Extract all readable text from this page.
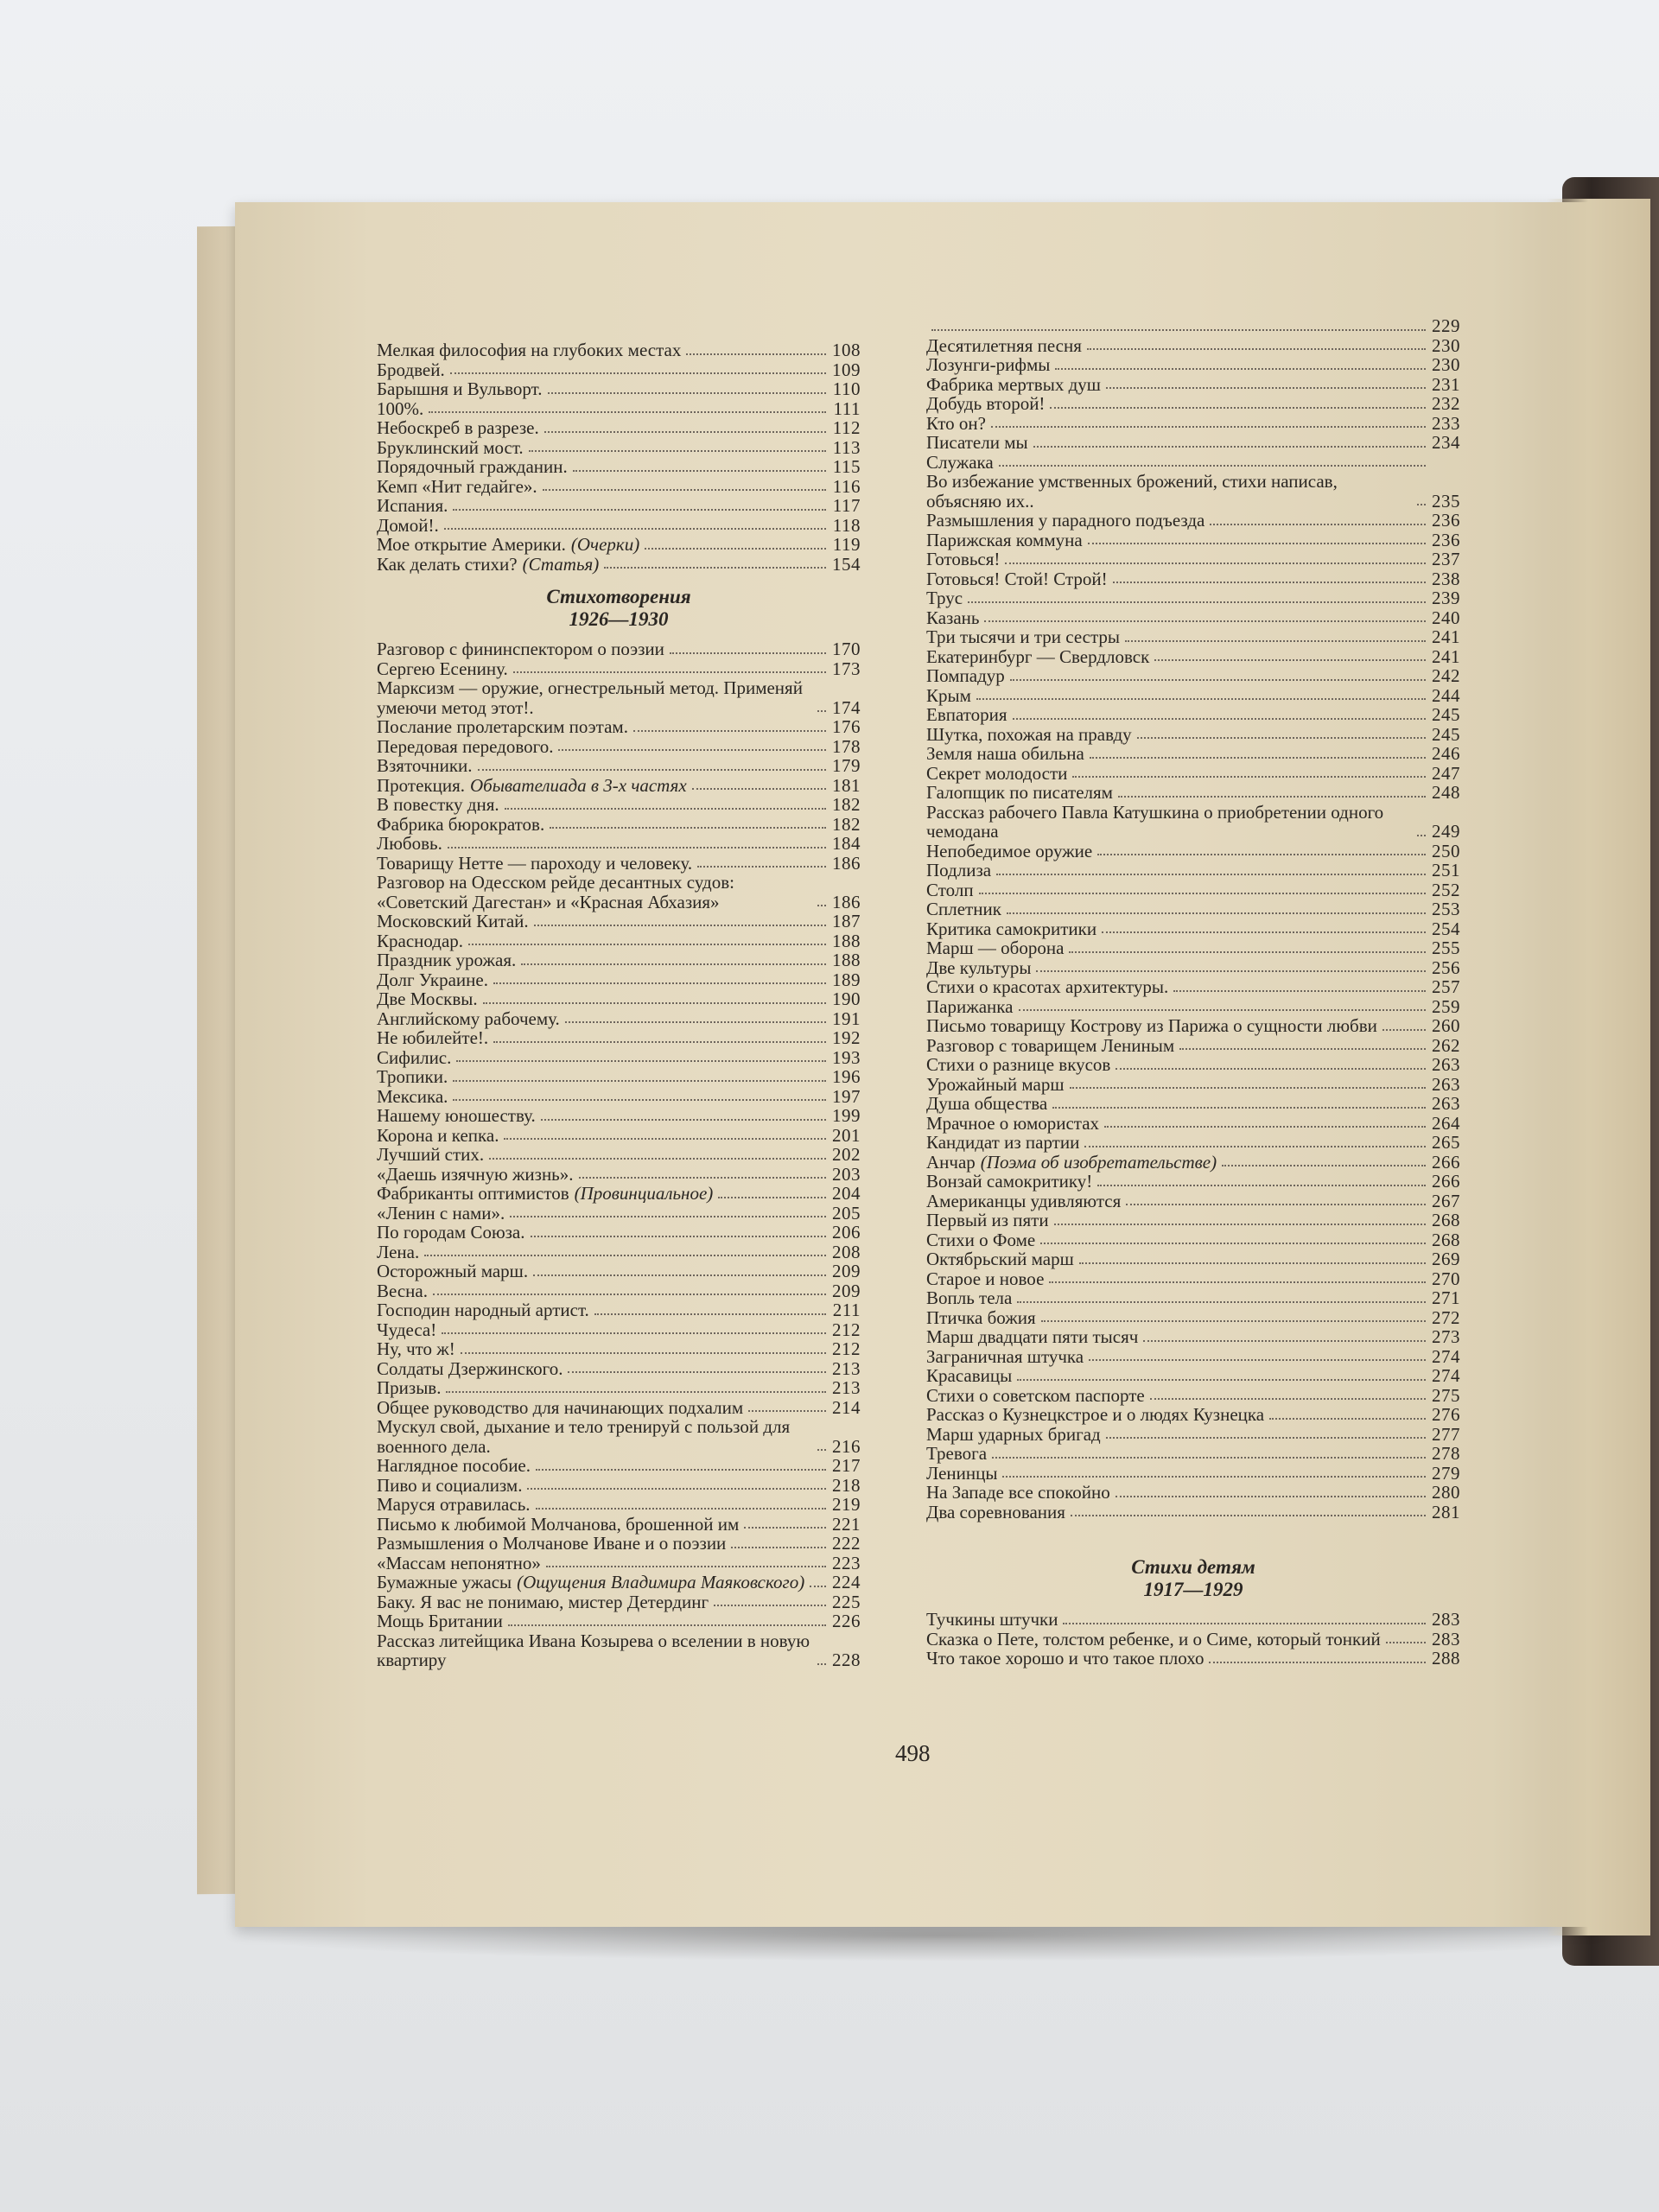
Мелкая философия на глубоких местах	108
Бродвей.	109
Барышня и Вульворт.	110
100%.	111
Небоскреб в разрезе.	112
Бруклинский мост.	113
Порядочный гражданин.	115
Кемп «Нит гедайге».	116
Испания.	117
Домой!.	118
Мое открытие Америки. (Очерки)	119
Как делать стихи? (Статья)	154
Стихотворения
1926—1930
Разговор с фининспектором о поэзии	170
Сергею Есенину.	173
Марксизм — оружие, огнестрельный метод. Применяй умеючи метод этот!.	174
Послание пролетарским поэтам.	176
Передовая передового.	178
Взяточники.	179
Протекция. Обывателиада в 3-х частях	181
В повестку дня.	182
Фабрика бюрократов.	182
Любовь.	184
Товарищу Нетте — пароходу и человеку.	186
Разговор на Одесском рейде десантных судов: «Советский Дагестан» и «Красная Абхазия»	186
Московский Китай.	187
Краснодар.	188
Праздник урожая.	188
Долг Украине.	189
Две Москвы.	190
Английскому рабочему.	191
Не юбилейте!.	192
Сифилис.	193
Тропики.	196
Мексика.	197
Нашему юношеству.	199
Корона и кепка.	201
Лучший стих.	202
«Даешь изячную жизнь».	203
Фабриканты оптимистов (Провинциальное)	204
«Ленин с нами».	205
По городам Союза.	206
Лена.	208
Осторожный марш.	209
Весна.	209
Господин народный артист.	211
Чудеса!	212
Ну, что ж!	212
Солдаты Дзержинского.	213
Призыв.	213
Общее руководство для начинающих подхалим	214
Мускул свой, дыхание и тело тренируй с пользой для военного дела.	216
Наглядное пособие.	217
Пиво и социализм.	218
Маруся отравилась.	219
Письмо к любимой Молчанова, брошенной им	221
Размышления о Молчанове Иване и о поэзии	222
«Массам непонятно»	223
Бумажные ужасы (Ощущения Владимира Маяковского) 224
Баку. Я вас не понимаю, мистер Детердинг	225
Мощь Британии	226
Рассказ литейщика Ивана Козырева о вселении в новую квартиру	228
229
Десятилетняя песня	230
Лозунги-рифмы	230
Фабрика мертвых душ	231
Добудь второй!	232
Кто он?	233
Писатели мы	234
Служака
Во избежание умственных брожений, стихи написав, объясняю их..	235
Размышления у парадного подъезда	236
Парижская коммуна	236
Готовься!	237
Готовься! Стой! Строй!	238
Трус	239
Казань	240
Три тысячи и три сестры	241
Екатеринбург — Свердловск	241
Помпадур	242
Крым	244
Евпатория	245
Шутка, похожая на правду	245
Земля наша обильна	246
Секрет молодости	247
Галопщик по писателям	248
Рассказ рабочего Павла Катушкина о приобретении одного чемодана	249
Непобедимое оружие	250
Подлиза	251
Столп	252
Сплетник	253
Критика самокритики	254
Марш — оборона	255
Две культуры	256
Стихи о красотах архитектуры.	257
Парижанка	259
Письмо товарищу Кострову из Парижа о сущности любви	260
Разговор с товарищем Лениным	262
Стихи о разнице вкусов	263
Урожайный марш	263
Душа общества	263
Мрачное о юмористах	264
Кандидат из партии	265
Анчар (Поэма об изобретательстве)	266
Вонзай самокритику!	266
Американцы удивляются	267
Первый из пяти	268
Стихи о Фоме	268
Октябрьский марш	269
Старое и новое	270
Вопль тела	271
Птичка божия	272
Марш двадцати пяти тысяч	273
Заграничная штучка	274
Красавицы	274
Стихи о советском паспорте	275
Рассказ о Кузнецкстрое и о людях Кузнецка	276
Марш ударных бригад	277
Тревога	278
Ленинцы	279
На Западе все спокойно	280
Два соревнования	281
Стихи детям
1917—1929
Тучкины штучки	283
Сказка о Пете, толстом ребенке, и о Симе, который тонкий	283
Что такое хорошо и что такое плохо	288
498
